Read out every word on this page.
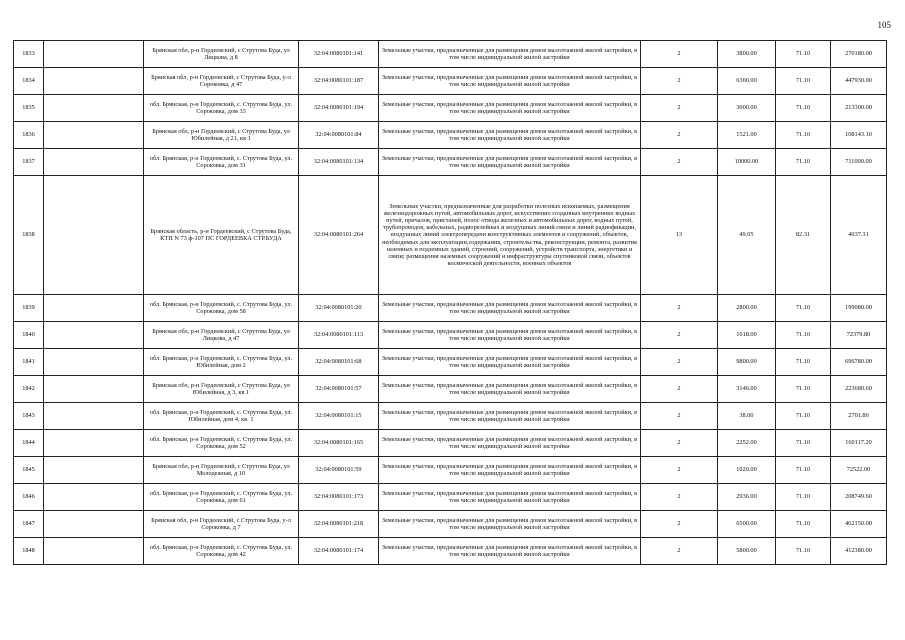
105
1833		Брянская обл, р-н Гордеевский, с Струтова Буда, ул Лицкова, д 8	32:04:0080101:141	Земельные участки, предназначенные для размещения домов малоэтажной жилой застройки, в том числе индивидуальной жилой застройки	2	3800.00	71.10	270180.00
1834		Брянская обл, р-н Гордеевский, с Струтова Буда, у-л Сороковка, д 47	32:04:0080101:187	Земельные участки, предназначенные для размещения домов малоэтажной жилой застройки, в том числе индивидуальной жилой застройки	2	6300.00	71.10	447930.00
1835		обл. Брянская, р-н Гордеевский, с. Струтова Буда, ул. Сороковка, дом 33	32:04:0080101:194	Земельные участки, предназначенные для размещения домов малоэтажной жилой застройки, в том числе индивидуальной жилой застройки	2	3000.00	71.10	213300.00
1836		Брянская обл, р-н Гордеевский, с Струтова Буда, ул Юбилейная, д 21, кв 1	32:04:0080101:84	Земельные участки, предназначенные для размещения домов малоэтажной жилой застройки, в том числе индивидуальной жилой застройки	2	1521.00	71.10	108143.10
1837		обл. Брянская, р-н Гордеевский, с. Струтова Буда, ул. Сороковка, дом 31	32:04:0080101:134	Земельные участки, предназначенные для размещения домов малоэтажной жилой застройки, в том числе индивидуальной жилой застройки	2	10000.00	71.10	711000.00
1838		Брянская область, р-н Гордеевский, с Струтова Буда, КТП N 73 ф-107 ПС ГОРДЕЕВКА СТР.БУДА	32:04:0080101:264	Земельные участки, предназначенные для разработки полезных ископаемых, размещения железнодорожных путей, автомобильных дорог, искусственно созданных внутренних водных путей, причалов, пристаней, полос отвода железных и автомобильных дорог, водных путей, трубопроводов, кабельных, радиорелейных и воздушных линий связи и линий радиофикации, воздушных линий электропередачи конструктивных элементов и сооружений, объектов, необходимых для эксплуатации,содержания, строительства, реконструкции, ремонта, развития наземных и подземных зданий, строений, сооружений, устройств транспорта, энергетики и связи; размещения наземных сооружений и инфраструктуры спутниковой связи, объектов космической деятельности, военных объектов	13	49.05	82.31	4037.31
1839		обл. Брянская, р-н Гордеевский, с. Струтова Буда, ул. Сороковка, дом 58	32:04:0080101:20	Земельные участки, предназначенные для размещения домов малоэтажной жилой застройки, в том числе индивидуальной жилой застройки	2	2800.00	71.10	199080.00
1840		Брянская обл, р-н Гордеевский, с Струтова Буда, ул Лицкова, д 47	32:04:0080101:113	Земельные участки, предназначенные для размещения домов малоэтажной жилой застройки, в том числе индивидуальной жилой застройки	2	1018.00	71.10	72379.80
1841		обл. Брянская, р-н Гордеевский, с. Струтова Буда, ул. Юбилейная, дом 2	32:04:0080101:68	Земельные участки, предназначенные для размещения домов малоэтажной жилой застройки, в том числе индивидуальной жилой застройки	2	9800.00	71.10	696780.00
1842		Брянская обл, р-н Гордеевский, с Струтова Буда, ул Юбилейная, д 3, кв 1	32:04:0080101:57	Земельные участки, предназначенные для размещения домов малоэтажной жилой застройки, в том числе индивидуальной жилой застройки	2	3146.00	71.10	223680.60
1843		обл. Брянская, р-н Гордеевский, с. Струтова Буда, ул. Юбилейная, дом 4, кв. 1	32:04:0080101:15	Земельные участки, предназначенные для размещения домов малоэтажной жилой застройки, в том числе индивидуальной жилой застройки	2	38.00	71.10	2701.80
1844		обл. Брянская, р-н Гордеевский, с. Струтова Буда, ул. Сороковка, дом 52	32:04:0080101:165	Земельные участки, предназначенные для размещения домов малоэтажной жилой застройки, в том числе индивидуальной жилой застройки	2	2252.00	71.10	160117.20
1845		Брянская обл, р-н Гордеевский, с Струтова Буда, ул Молодежная, д 10	32:04:0080101:59	Земельные участки, предназначенные для размещения домов малоэтажной жилой застройки, в том числе индивидуальной жилой застройки	2	1020.00	71.10	72522.00
1846		обл. Брянская, р-н Гордеевский, с. Струтова Буда, ул. Сороковка, дом 61	32:04:0080101:173	Земельные участки, предназначенные для размещения домов малоэтажной жилой застройки, в том числе индивидуальной жилой застройки	2	2936.00	71.10	208749.60
1847		Брянская обл, р-н Гордеевский, с Струтова Буда, у-л Сороковка, д 7	32:04:0080101:218	Земельные участки, предназначенные для размещения домов малоэтажной жилой застройки, в том числе индивидуальной жилой застройки	2	6500.00	71.10	462150.00
1848		обл. Брянская, р-н Гордеевский, с. Струтова Буда, ул. Сороковка, дом 42	32:04:0080101:174	Земельные участки, предназначенные для размещения домов малоэтажной жилой застройки, в том числе индивидуальной жилой застройки	2	5800.00	71.10	412380.00
